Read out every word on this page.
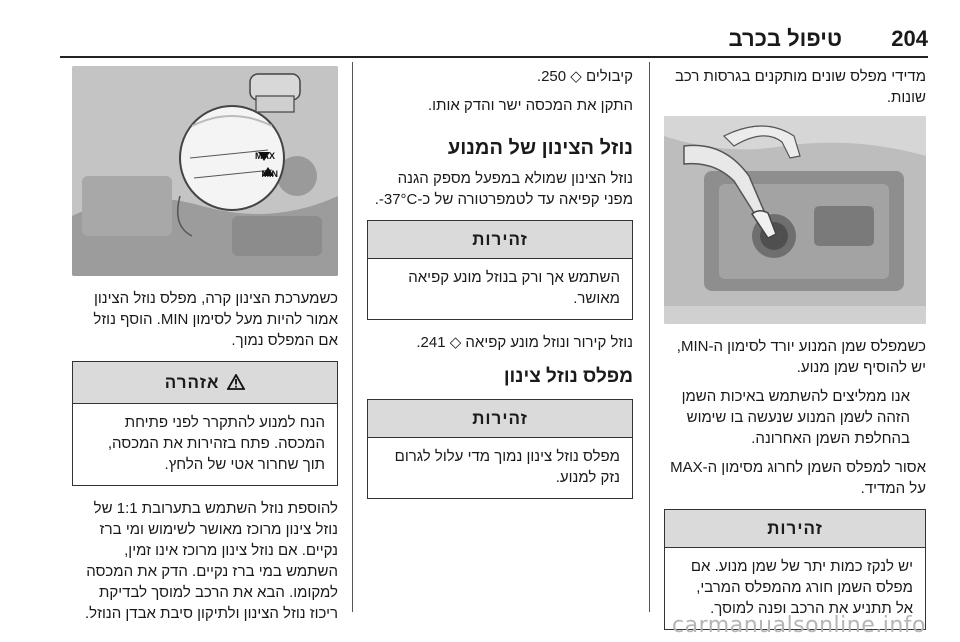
טיפול בכרב 204

מדידי מפלס שונים מותקנים בגרסות רכב שונות.

כשמפלס שמן המנוע יורד לסימון ה-MIN, יש להוסיף שמן מנוע.

אנו ממליצים להשתמש באיכות השמן הזהה לשמן המנוע שנעשה בו שימוש בהחלפת השמן האחרונה.

אסור למפלס השמן לחרוג מסימון ה-MAX על המדיד.

זהירות
יש לנקז כמות יתר של שמן מנוע. אם מפלס השמן חורג מהמפלס המרבי, אל תתניע את הרכב ופנה למוסך.

קיבולים ◇ 250.

התקן את המכסה ישר והדק אותו.

נוזל הצינון של המנוע

נוזל הצינון שמולא במפעל מספק הגנה מפני קפיאה עד לטמפרטורה של כ-37°C-.

זהירות
השתמש אך ורק בנוזל מונע קפיאה מאושר.

נוזל קירור ונוזל מונע קפיאה ◇ 241.

מפלס נוזל צינון
זהירות
מפלס נוזל צינון נמוך מדי עלול לגרום נזק למנוע.
MAX
MIN

כשמערכת הצינון קרה, מפלס נוזל הצינון אמור להיות מעל לסימון MIN. הוסף נוזל אם המפלס נמוך.

אזהרה
הנח למנוע להתקרר לפני פתיחת המכסה. פתח בזהירות את המכסה, תוך שחרור אטי של הלחץ.

להוספת נוזל השתמש בתערובת 1:1 של נוזל צינון מרוכז מאושר לשימוש ומי ברז נקיים. אם נוזל צינון מרוכז אינו זמין, השתמש במי ברז נקיים. הדק את המכסה למקומו. הבא את הרכב למוסך לבדיקת ריכוז נוזל הצינון ולתיקון סיבת אבדן הנוזל.	carmanualsonline.info
